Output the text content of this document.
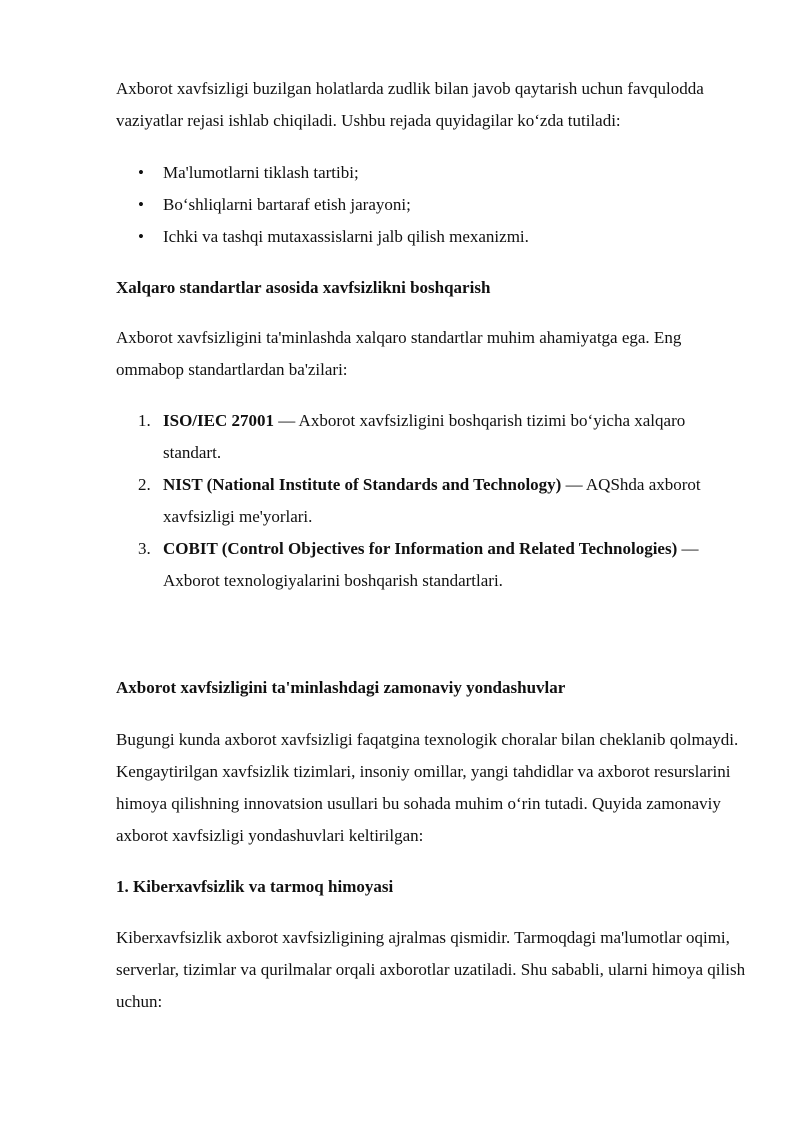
Axborot xavfsizligi buzilgan holatlarda zudlik bilan javob qaytarish uchun favqulodda vaziyatlar rejasi ishlab chiqiladi. Ushbu rejada quyidagilar ko‘zda tutiladi:

• Ma'lumotlarni tiklash tartibi;
• Bo‘shliqlarni bartaraf etish jarayoni;
• Ichki va tashqi mutaxassislarni jalb qilish mexanizmi.
Xalqaro standartlar asosida xavfsizlikni boshqarish

Axborot xavfsizligini ta'minlashda xalqaro standartlar muhim ahamiyatga ega. Eng ommabop standartlardan ba'zilari:

1. ISO/IEC 27001 — Axborot xavfsizligini boshqarish tizimi bo‘yicha xalqaro standart.
2. NIST (National Institute of Standards and Technology) — AQShda axborot xavfsizligi me'yorlari.
3. COBIT (Control Objectives for Information and Related Technologies) — Axborot texnologiyalarini boshqarish standartlari.
Axborot xavfsizligini ta'minlashdagi zamonaviy yondashuvlar

Bugungi kunda axborot xavfsizligi faqatgina texnologik choralar bilan cheklanib qolmaydi. Kengaytirilgan xavfsizlik tizimlari, insoniy omillar, yangi tahdidlar va axborot resurslarini himoya qilishning innovatsion usullari bu sohada muhim o‘rin tutadi. Quyida zamonaviy axborot xavfsizligi yondashuvlari keltirilgan:

1. Kiberxavfsizlik va tarmoq himoyasi

Kiberxavfsizlik axborot xavfsizligining ajralmas qismidir. Tarmoqdagi ma'lumotlar oqimi, serverlar, tizimlar va qurilmalar orqali axborotlar uzatiladi. Shu sababli, ularni himoya qilish uchun:
